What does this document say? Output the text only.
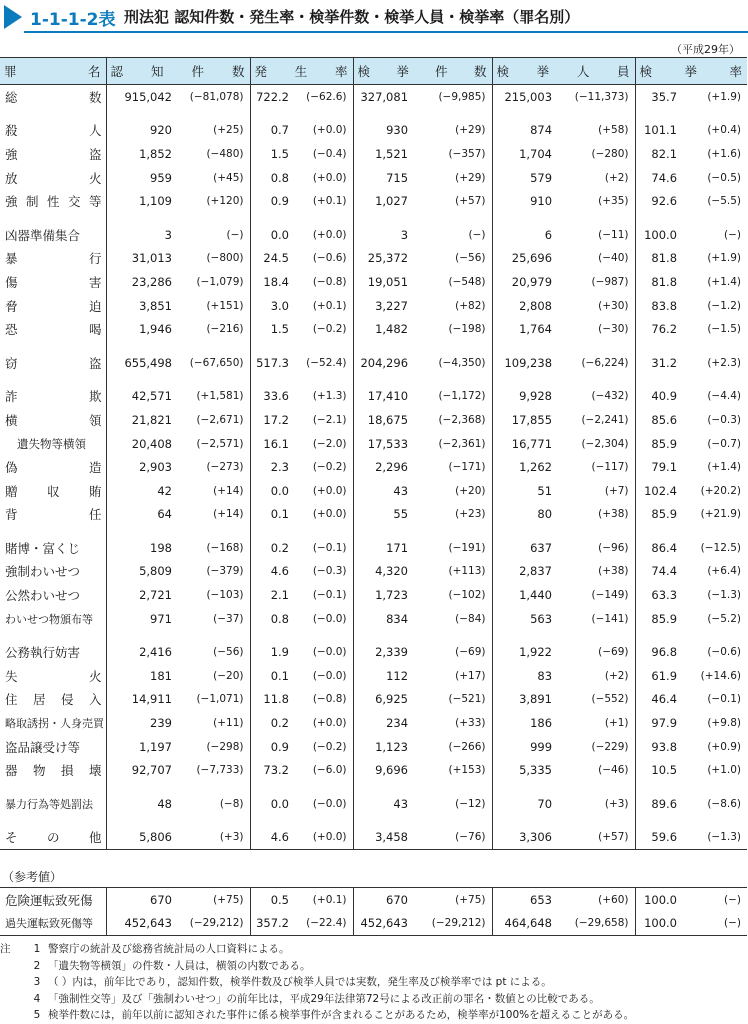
1-1-1-2表 刑法犯 認知件数・発生率・検挙件数・検挙人員・検挙率（罪名別）
（平成29年）
罪 名	認 知 件 数		発 生 率		検 挙 件 数		検 挙 人 員		検 挙 率	

総 数	915,042	(−81,078)	722.2	(−62.6)	327,081	(−9,985)	215,003	(−11,373)	35.7	(+1.9)

殺 人	920	(+25)	0.7	(+0.0)	930	(+29)	874	(+58)	101.1	(+0.4)

強 盗	1,852	(−480)	1.5	(−0.4)	1,521	(−357)	1,704	(−280)	82.1	(+1.6)

放 火	959	(+45)	0.8	(+0.0)	715	(+29)	579	(+2)	74.6	(−0.5)

強 制 性 交 等	1,109	(+120)	0.9	(+0.1)	1,027	(+57)	910	(+35)	92.6	(−5.5)

凶器準備集合	3	(−)	0.0	(+0.0)	3	(−)	6	(−11)	100.0	(−)

暴 行	31,013	(−800)	24.5	(−0.6)	25,372	(−56)	25,696	(−40)	81.8	(+1.9)

傷 害	23,286	(−1,079)	18.4	(−0.8)	19,051	(−548)	20,979	(−987)	81.8	(+1.4)

脅 迫	3,851	(+151)	3.0	(+0.1)	3,227	(+82)	2,808	(+30)	83.8	(−1.2)

恐 喝	1,946	(−216)	1.5	(−0.2)	1,482	(−198)	1,764	(−30)	76.2	(−1.5)

窃 盗	655,498	(−67,650)	517.3	(−52.4)	204,296	(−4,350)	109,238	(−6,224)	31.2	(+2.3)

詐 欺	42,571	(+1,581)	33.6	(+1.3)	17,410	(−1,172)	9,928	(−432)	40.9	(−4.4)

横 領	21,821	(−2,671)	17.2	(−2.1)	18,675	(−2,368)	17,855	(−2,241)	85.6	(−0.3)

遺失物等横領	20,408	(−2,571)	16.1	(−2.0)	17,533	(−2,361)	16,771	(−2,304)	85.9	(−0.7)

偽 造	2,903	(−273)	2.3	(−0.2)	2,296	(−171)	1,262	(−117)	79.1	(+1.4)

贈 収 賄	42	(+14)	0.0	(+0.0)	43	(+20)	51	(+7)	102.4	(+20.2)

背 任	64	(+14)	0.1	(+0.0)	55	(+23)	80	(+38)	85.9	(+21.9)

賭博・富くじ	198	(−168)	0.2	(−0.1)	171	(−191)	637	(−96)	86.4	(−12.5)

強制わいせつ	5,809	(−379)	4.6	(−0.3)	4,320	(+113)	2,837	(+38)	74.4	(+6.4)

公然わいせつ	2,721	(−103)	2.1	(−0.1)	1,723	(−102)	1,440	(−149)	63.3	(−1.3)

わいせつ物頒布等	971	(−37)	0.8	(−0.0)	834	(−84)	563	(−141)	85.9	(−5.2)

公務執行妨害	2,416	(−56)	1.9	(−0.0)	2,339	(−69)	1,922	(−69)	96.8	(−0.6)

失 火	181	(−20)	0.1	(−0.0)	112	(+17)	83	(+2)	61.9	(+14.6)

住 居 侵 入	14,911	(−1,071)	11.8	(−0.8)	6,925	(−521)	3,891	(−552)	46.4	(−0.1)

略取誘拐・人身売買	239	(+11)	0.2	(+0.0)	234	(+33)	186	(+1)	97.9	(+9.8)

盗品譲受け等	1,197	(−298)	0.9	(−0.2)	1,123	(−266)	999	(−229)	93.8	(+0.9)

器 物 損 壊	92,707	(−7,733)	73.2	(−6.0)	9,696	(+153)	5,335	(−46)	10.5	(+1.0)

暴力行為等処罰法	48	(−8)	0.0	(−0.0)	43	(−12)	70	(+3)	89.6	(−8.6)

そ の 他	5,806	(+3)	4.6	(+0.0)	3,458	(−76)	3,306	(+57)	59.6	(−1.3)
（参考値）
危険運転致死傷	670	(+75)	0.5	(+0.1)	670	(+75)	653	(+60)	100.0	(−)

過失運転致死傷等	452,643	(−29,212)	357.2	(−22.4)	452,643	(−29,212)	464,648	(−29,658)	100.0	(−)
注	1 警察庁の統計及び総務省統計局の人口資料による。
2 「遺失物等横領」の件数・人員は，横領の内数である。
3 （ ）内は，前年比であり，認知件数，検挙件数及び検挙人員では実数，発生率及び検挙率では pt による。
4 「強制性交等」及び「強制わいせつ」の前年比は，平成29年法律第72号による改正前の罪名・数値との比較である。
5 検挙件数には，前年以前に認知された事件に係る検挙事件が含まれることがあるため，検挙率が100%を超えることがある。
